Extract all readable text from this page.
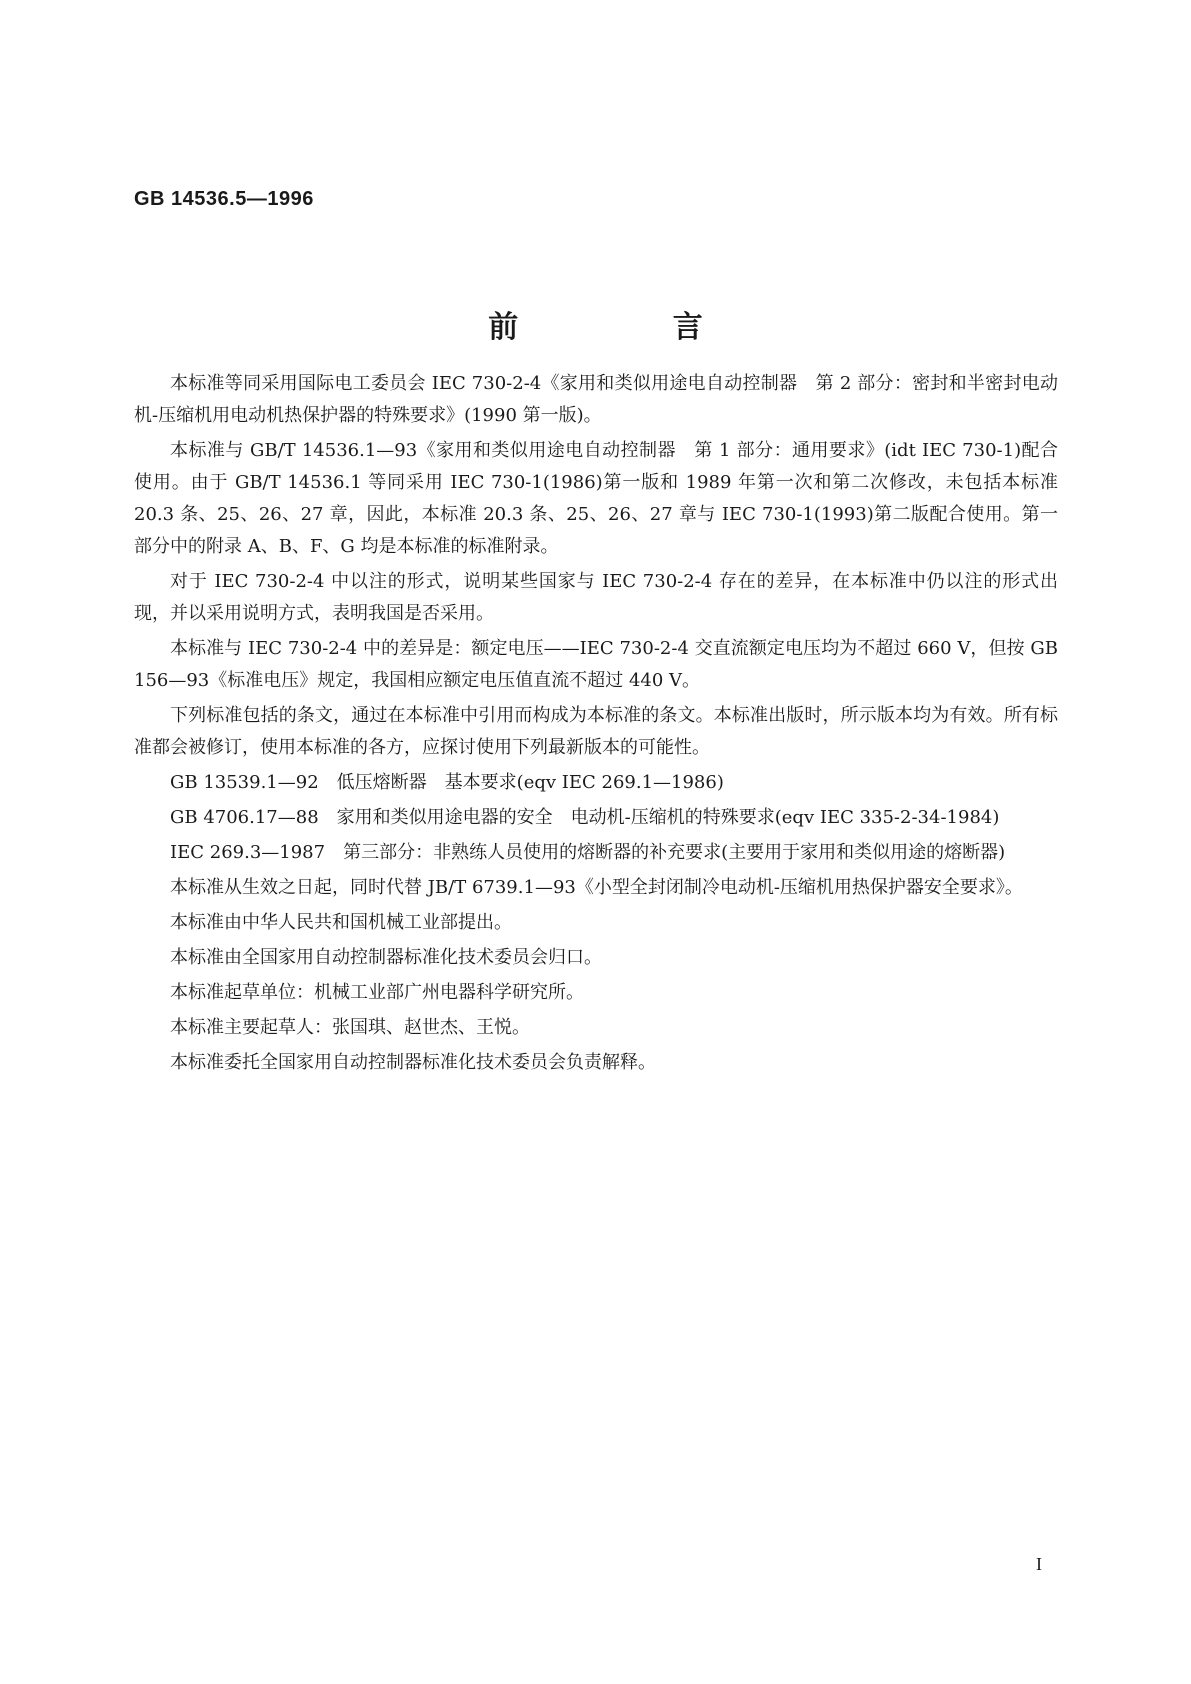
GB 14536.5—1996
前 言

本标准等同采用国际电工委员会 IEC 730-2-4《家用和类似用途电自动控制器　第 2 部分：密封和半密封电动机-压缩机用电动机热保护器的特殊要求》(1990 第一版)。

本标准与 GB/T 14536.1—93《家用和类似用途电自动控制器　第 1 部分：通用要求》(idt IEC 730-1)配合使用。由于 GB/T 14536.1 等同采用 IEC 730-1(1986)第一版和 1989 年第一次和第二次修改，未包括本标准 20.3 条、25、26、27 章，因此，本标准 20.3 条、25、26、27 章与 IEC 730-1(1993)第二版配合使用。第一部分中的附录 A、B、F、G 均是本标准的标准附录。

对于 IEC 730-2-4 中以注的形式，说明某些国家与 IEC 730-2-4 存在的差异，在本标准中仍以注的形式出现，并以采用说明方式，表明我国是否采用。

本标准与 IEC 730-2-4 中的差异是：额定电压——IEC 730-2-4 交直流额定电压均为不超过 660 V，但按 GB 156—93《标准电压》规定，我国相应额定电压值直流不超过 440 V。

下列标准包括的条文，通过在本标准中引用而构成为本标准的条文。本标准出版时，所示版本均为有效。所有标准都会被修订，使用本标准的各方，应探讨使用下列最新版本的可能性。

GB 13539.1—92　低压熔断器　基本要求(eqv IEC 269.1—1986)

GB 4706.17—88　家用和类似用途电器的安全　电动机-压缩机的特殊要求(eqv IEC 335-2-34-1984)

IEC 269.3—1987　第三部分：非熟练人员使用的熔断器的补充要求(主要用于家用和类似用途的熔断器)

本标准从生效之日起，同时代替 JB/T 6739.1—93《小型全封闭制冷电动机-压缩机用热保护器安全要求》。

本标准由中华人民共和国机械工业部提出。

本标准由全国家用自动控制器标准化技术委员会归口。

本标准起草单位：机械工业部广州电器科学研究所。

本标准主要起草人：张国琪、赵世杰、王悦。

本标准委托全国家用自动控制器标准化技术委员会负责解释。

I
